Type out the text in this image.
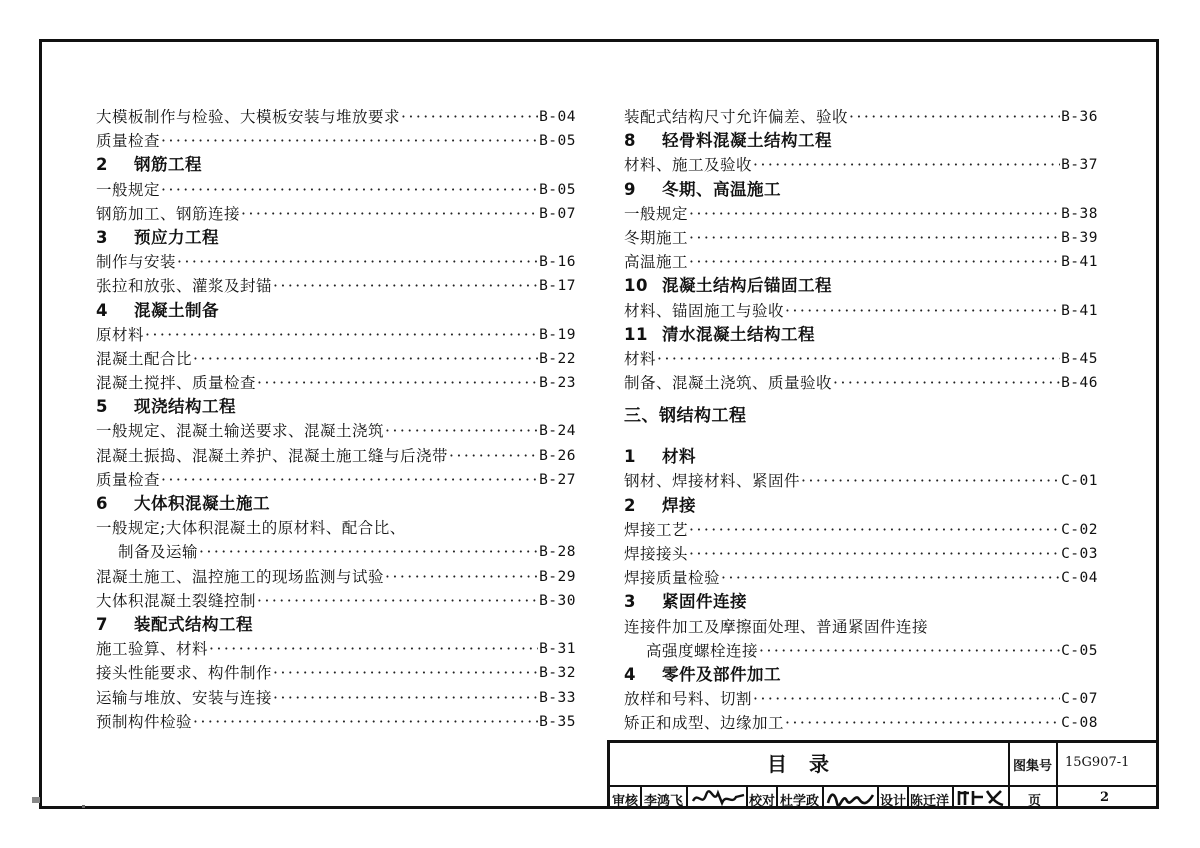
大模板制作与检验、大模板安装与堆放要求 ·····	B-04
质量检查 ·····	B-05
2	钢筋工程
一般规定 ·····	B-05
钢筋加工、钢筋连接 ·····	B-07
3	预应力工程
制作与安装 ·····	B-16
张拉和放张、灌浆及封锚 ·····	B-17
4	混凝土制备
原材料 ·····	B-19
混凝土配合比 ·····	B-22
混凝土搅拌、质量检查 ·····	B-23
5	现浇结构工程
一般规定、混凝土输送要求、混凝土浇筑 ·····	B-24
混凝土振捣、混凝土养护、混凝土施工缝与后浇带 ·····	B-26
质量检查 ·····	B-27
6	大体积混凝土施工
一般规定;大体积混凝土的原材料、配合比、
制备及运输 ·····	B-28
混凝土施工、温控施工的现场监测与试验 ·····	B-29
大体积混凝土裂缝控制 ·····	B-30
7	装配式结构工程
施工验算、材料 ·····	B-31
接头性能要求、构件制作 ·····	B-32
运输与堆放、安装与连接 ·····	B-33
预制构件检验 ·····	B-35
装配式结构尺寸允许偏差、验收 ·····	B-36
8	轻骨料混凝土结构工程
材料、施工及验收 ·····	B-37
9	冬期、高温施工
一般规定 ·····	B-38
冬期施工 ·····	B-39
高温施工 ·····	B-41
10 混凝土结构后锚固工程
材料、锚固施工与验收 ·····	B-41
11 清水混凝土结构工程
材料 ·····	B-45
制备、混凝土浇筑、质量验收 ·····	B-46
三、钢结构工程
1	材料
钢材、焊接材料、紧固件 ·····	C-01
2	焊接
焊接工艺 ·····	C-02
焊接接头 ·····	C-03
焊接质量检验 ·····	C-04
3	紧固件连接
连接件加工及摩擦面处理、普通紧固件连接
高强度螺栓连接 ·····	C-05
4	零件及部件加工
放样和号料、切割 ·····	C-07
矫正和成型、边缘加工 ·····	C-08
目录	图集号 15G907-1
审核 李鸿飞	校对 杜学政	设计 陈迁洋	页	2
